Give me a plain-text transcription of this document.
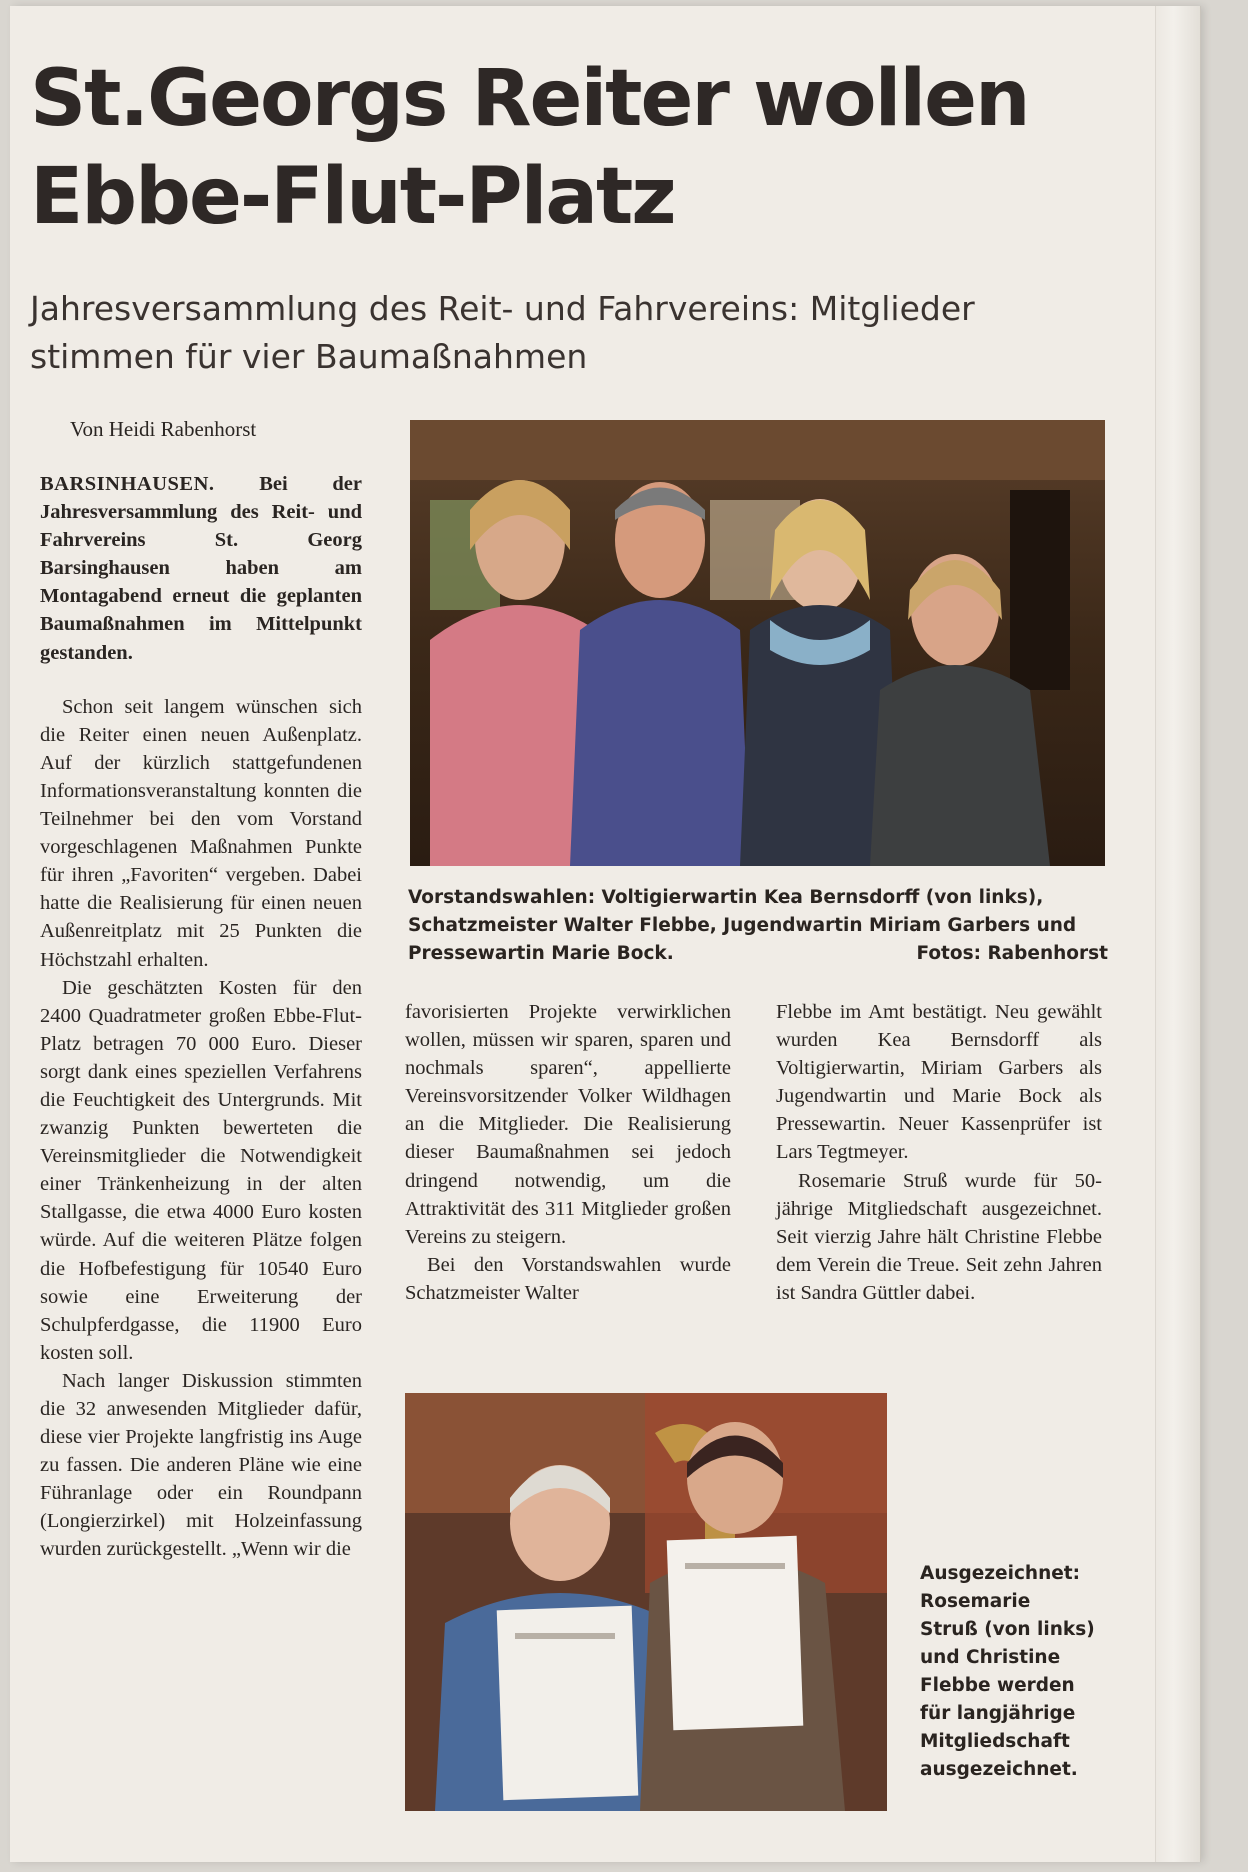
St.Georgs Reiter wollen
Ebbe-Flut-Platz
Jahresversammlung des Reit- und Fahrvereins: Mitglieder
stimmen für vier Baumaßnahmen
Von Heidi Rabenhorst

BARSINHAUSEN. Bei der Jahresversammlung des Reit- und Fahrvereins St. Georg Barsinghausen haben am Montagabend erneut die geplanten Baumaßnahmen im Mittelpunkt gestanden.

Schon seit langem wünschen sich die Reiter einen neuen Außenplatz. Auf der kürzlich stattgefundenen Informationsveranstaltung konnten die Teilnehmer bei den vom Vorstand vorgeschlagenen Maßnahmen Punkte für ihren „Favoriten“ vergeben. Dabei hatte die Realisierung für einen neuen Außenreitplatz mit 25 Punkten die Höchstzahl erhalten.

Die geschätzten Kosten für den 2400 Quadratmeter großen Ebbe-Flut-Platz betragen 70 000 Euro. Dieser sorgt dank eines speziellen Verfahrens die Feuchtigkeit des Untergrunds. Mit zwanzig Punkten bewerteten die Vereinsmitglieder die Notwendigkeit einer Tränkenheizung in der alten Stallgasse, die etwa 4000 Euro kosten würde. Auf die weiteren Plätze folgen die Hofbefestigung für 10540 Euro sowie eine Erweiterung der Schulpferdgasse, die 11900 Euro kosten soll.

Nach langer Diskussion stimmten die 32 anwesenden Mitglieder dafür, diese vier Projekte langfristig ins Auge zu fassen. Die anderen Pläne wie eine Führanlage oder ein Roundpann (Longierzirkel) mit Holzeinfassung wurden zurückgestellt. „Wenn wir die

Vorstandswahlen: Voltigierwartin Kea Bernsdorff (von links), Schatzmeister Walter Flebbe, Jugendwartin Miriam Garbers und Pressewartin Marie Bock.	Fotos: Rabenhorst

favorisierten Projekte verwirklichen wollen, müssen wir sparen, sparen und nochmals sparen“, appellierte Vereinsvorsitzender Volker Wildhagen an die Mitglieder. Die Realisierung dieser Baumaßnahmen sei jedoch dringend notwendig, um die Attraktivität des 311 Mitglieder großen Vereins zu steigern.

Bei den Vorstandswahlen wurde Schatzmeister Walter

Flebbe im Amt bestätigt. Neu gewählt wurden Kea Bernsdorff als Voltigierwartin, Miriam Garbers als Jugendwartin und Marie Bock als Pressewartin. Neuer Kassenprüfer ist Lars Tegtmeyer.

Rosemarie Struß wurde für 50-jährige Mitgliedschaft ausgezeichnet. Seit vierzig Jahre hält Christine Flebbe dem Verein die Treue. Seit zehn Jahren ist Sandra Güttler dabei.

Ausgezeichnet:
Rosemarie
Struß (von links)
und Christine
Flebbe werden
für langjährige
Mitgliedschaft
ausgezeichnet.
